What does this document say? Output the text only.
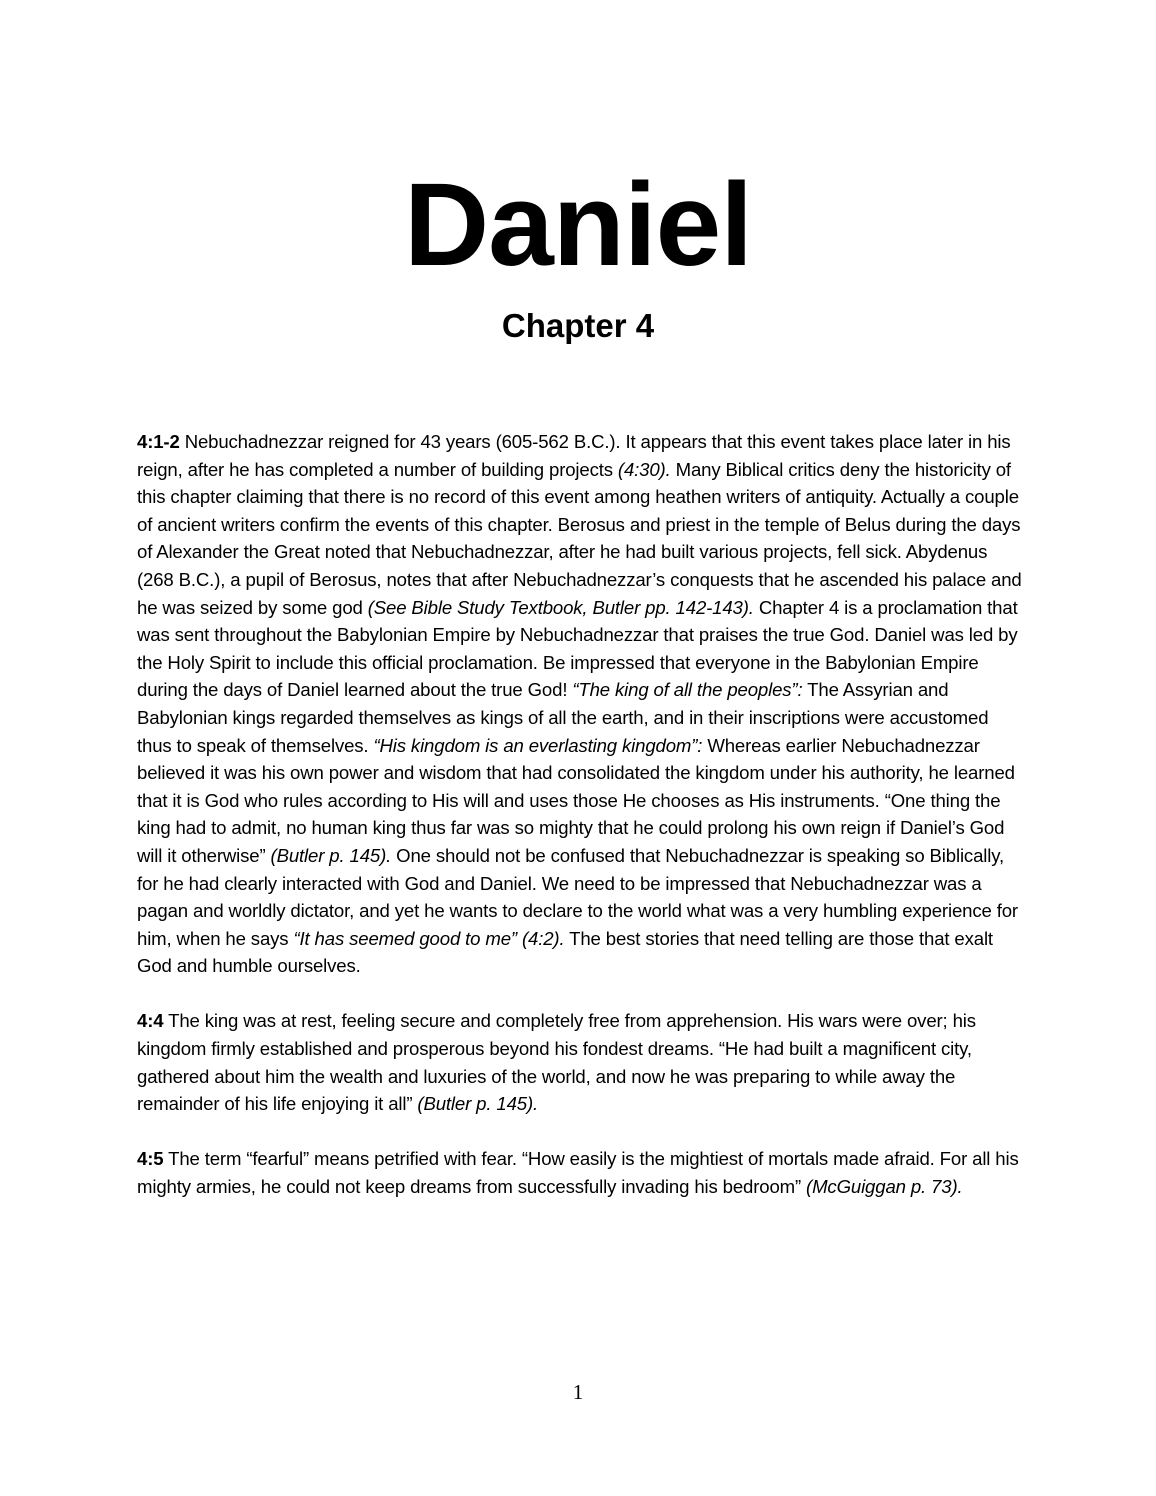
Daniel
Chapter 4

4:1-2 Nebuchadnezzar reigned for 43 years (605-562 B.C.). It appears that this event takes place later in his reign, after he has completed a number of building projects (4:30). Many Biblical critics deny the historicity of this chapter claiming that there is no record of this event among heathen writers of antiquity. Actually a couple of ancient writers confirm the events of this chapter. Berosus and priest in the temple of Belus during the days of Alexander the Great noted that Nebuchadnezzar, after he had built various projects, fell sick. Abydenus (268 B.C.), a pupil of Berosus, notes that after Nebuchadnezzar’s conquests that he ascended his palace and he was seized by some god (See Bible Study Textbook, Butler pp. 142-143). Chapter 4 is a proclamation that was sent throughout the Babylonian Empire by Nebuchadnezzar that praises the true God. Daniel was led by the Holy Spirit to include this official proclamation. Be impressed that everyone in the Babylonian Empire during the days of Daniel learned about the true God! “The king of all the peoples”: The Assyrian and Babylonian kings regarded themselves as kings of all the earth, and in their inscriptions were accustomed thus to speak of themselves. “His kingdom is an everlasting kingdom”: Whereas earlier Nebuchadnezzar believed it was his own power and wisdom that had consolidated the kingdom under his authority, he learned that it is God who rules according to His will and uses those He chooses as His instruments. “One thing the king had to admit, no human king thus far was so mighty that he could prolong his own reign if Daniel’s God will it otherwise” (Butler p. 145). One should not be confused that Nebuchadnezzar is speaking so Biblically, for he had clearly interacted with God and Daniel. We need to be impressed that Nebuchadnezzar was a pagan and worldly dictator, and yet he wants to declare to the world what was a very humbling experience for him, when he says “It has seemed good to me” (4:2). The best stories that need telling are those that exalt God and humble ourselves.

4:4 The king was at rest, feeling secure and completely free from apprehension. His wars were over; his kingdom firmly established and prosperous beyond his fondest dreams. “He had built a magnificent city, gathered about him the wealth and luxuries of the world, and now he was preparing to while away the remainder of his life enjoying it all” (Butler p. 145).

4:5 The term “fearful” means petrified with fear. “How easily is the mightiest of mortals made afraid. For all his mighty armies, he could not keep dreams from successfully invading his bedroom” (McGuiggan p. 73).

1
